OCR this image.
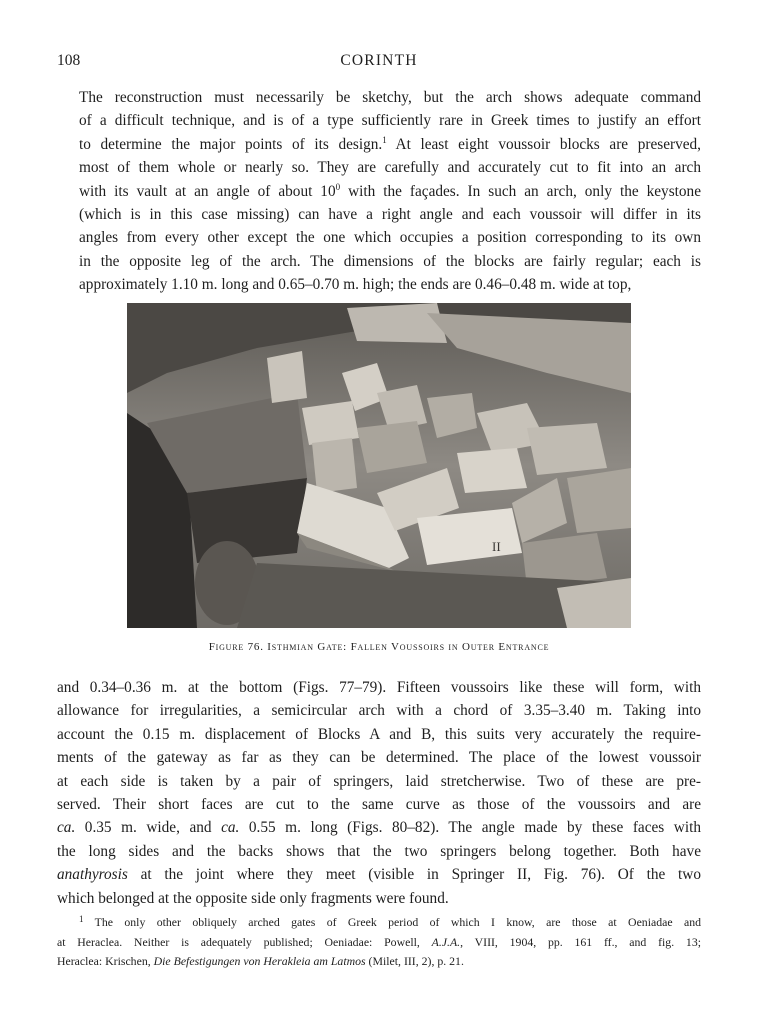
108	CORINTH
The reconstruction must necessarily be sketchy, but the arch shows adequate command
of a difficult technique, and is of a type sufficiently rare in Greek times to justify an effort
to determine the major points of its design.$^1$ At least eight voussoir blocks are preserved,
most of them whole or nearly so. They are carefully and accurately cut to fit into an arch
with its vault at an angle of about $10^0$ with the façades. In such an arch, only the keystone
(which is in this case missing) can have a right angle and each voussoir will differ in its
angles from every other except the one which occupies a position corresponding to its own
in the opposite leg of the arch. The dimensions of the blocks are fairly regular; each is
approximately 1.10 m. long and 0.65–0.70 m. high; the ends are 0.46–0.48 m. wide at top,
II
Figure 76. Isthmian Gate: Fallen Voussoirs in Outer Entrance
and 0.34–0.36 m. at the bottom (Figs. 77–79). Fifteen voussoirs like these will form, with
allowance for irregularities, a semicircular arch with a chord of 3.35–3.40 m. Taking into
account the 0.15 m. displacement of Blocks A and B, this suits very accurately the require-
ments of the gateway as far as they can be determined. The place of the lowest voussoir
at each side is taken by a pair of springers, laid stretcherwise. Two of these are pre-
served. Their short faces are cut to the same curve as those of the voussoirs and are
ca. 0.35 m. wide, and ca. 0.55 m. long (Figs. 80–82). The angle made by these faces with
the long sides and the backs shows that the two springers belong together. Both have
anathyrosis at the joint where they meet (visible in Springer II, Fig. 76). Of the two
which belonged at the opposite side only fragments were found.
$^1$ The only other obliquely arched gates of Greek period of which I know, are those at Oeniadae and
at Heraclea. Neither is adequately published; Oeniadae: Powell, A.J.A., VIII, 1904, pp. 161 ff., and fig. 13;
Heraclea: Krischen, Die Befestigungen von Herakleia am Latmos (Milet, III, 2), p. 21.
